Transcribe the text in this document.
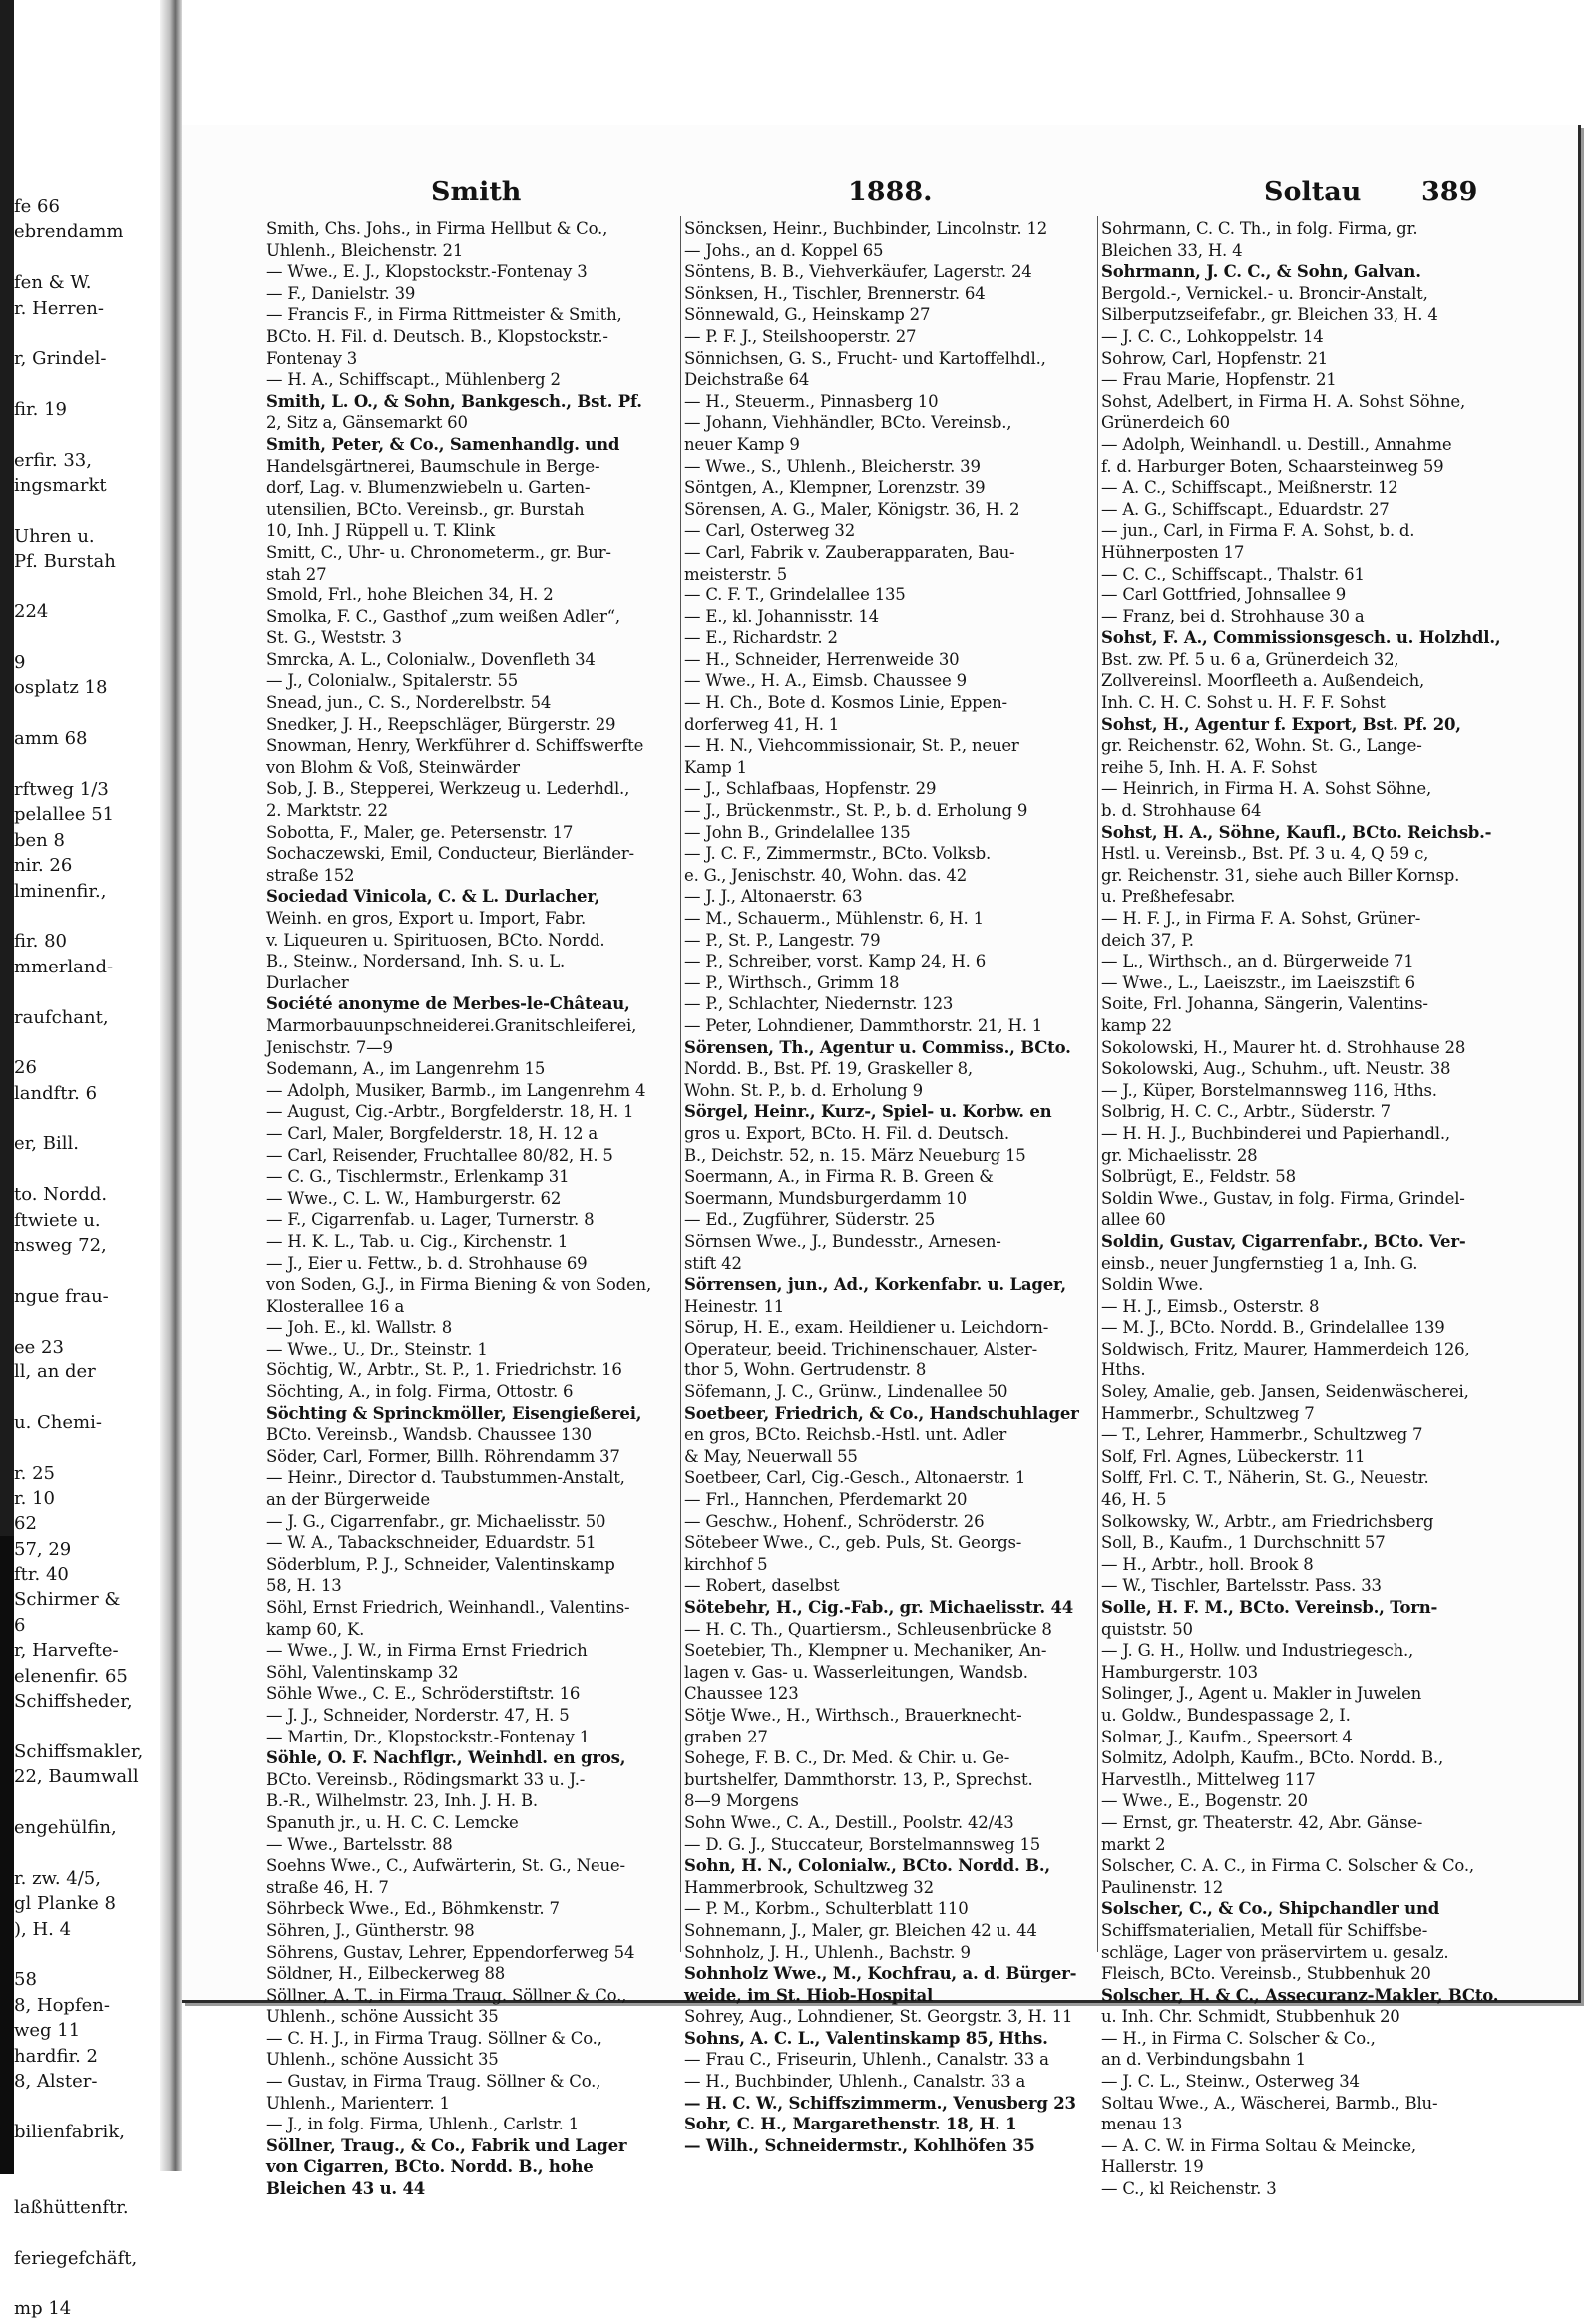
fe 66
ebrendamm
fen & W.
r. Herren-
r, Grindel-
fir. 19
erfir. 33,
ingsmarkt
Uhren u.
Pf. Burstah
224
9
osplatz 18
amm 68
rftweg 1/3
pelallee 51
ben 8
nir. 26
lminenfir.,
fir. 80
mmerland-
raufchant,
26
landftr. 6
er, Bill.
to. Nordd.
ftwiete u.
nsweg 72,
ngue frau-
ee 23
ll, an der
u. Chemi-
r. 25
r. 10
62
57, 29
ftr. 40
Schirmer &
6
r, Harvefte-
elenenfir. 65
Schiffsheder,
Schiffsmakler,
22, Baumwall
engehülfin,
r. zw. 4/5,
gl Planke 8
), H. 4
58
8, Hopfen-
weg 11
hardfir. 2
8, Alster-
bilienfabrik,
laßhüttenftr.
feriegefchäft,
mp 14
Smith	1888.	Soltau 389
Smith, Chs. Johs., in Firma Hellbut & Co.,
Uhlenh., Bleichenstr. 21
— Wwe., E. J., Klopstockstr.-Fontenay 3
— F., Danielstr. 39
— Francis F., in Firma Rittmeister & Smith,
BCto. H. Fil. d. Deutsch. B., Klopstockstr.-
Fontenay 3
— H. A., Schiffscapt., Mühlenberg 2
Smith, L. O., & Sohn, Bankgesch., Bst. Pf.
2, Sitz a, Gänsemarkt 60
Smith, Peter, & Co., Samenhandlg. und
Handelsgärtnerei, Baumschule in Berge-
dorf, Lag. v. Blumenzwiebeln u. Garten-
utensilien, BCto. Vereinsb., gr. Burstah
10, Inh. J Rüppell u. T. Klink
Smitt, C., Uhr- u. Chronometerm., gr. Bur-
stah 27
Smold, Frl., hohe Bleichen 34, H. 2
Smolka, F. C., Gasthof „zum weißen Adler“,
St. G., Weststr. 3
Smrcka, A. L., Colonialw., Dovenfleth 34
— J., Colonialw., Spitalerstr. 55
Snead, jun., C. S., Norderelbstr. 54
Snedker, J. H., Reepschläger, Bürgerstr. 29
Snowman, Henry, Werkführer d. Schiffswerfte
von Blohm & Voß, Steinwärder
Sob, J. B., Stepperei, Werkzeug u. Lederhdl.,
2. Marktstr. 22
Sobotta, F., Maler, ge. Petersenstr. 17
Sochaczewski, Emil, Conducteur, Bierländer-
straße 152
Sociedad Vinicola, C. & L. Durlacher,
Weinh. en gros, Export u. Import, Fabr.
v. Liqueuren u. Spirituosen, BCto. Nordd.
B., Steinw., Nordersand, Inh. S. u. L.
Durlacher
Société anonyme de Merbes-le-Château,
Marmorbauunpschneiderei.Granitschleiferei,
Jenischstr. 7—9
Sodemann, A., im Langenrehm 15
— Adolph, Musiker, Barmb., im Langenrehm 4
— August, Cig.-Arbtr., Borgfelderstr. 18, H. 1
— Carl, Maler, Borgfelderstr. 18, H. 12 a
— Carl, Reisender, Fruchtallee 80/82, H. 5
— C. G., Tischlermstr., Erlenkamp 31
— Wwe., C. L. W., Hamburgerstr. 62
— F., Cigarrenfab. u. Lager, Turnerstr. 8
— H. K. L., Tab. u. Cig., Kirchenstr. 1
— J., Eier u. Fettw., b. d. Strohhause 69
von Soden, G.J., in Firma Biening & von Soden,
Klosterallee 16 a
— Joh. E., kl. Wallstr. 8
— Wwe., U., Dr., Steinstr. 1
Söchtig, W., Arbtr., St. P., 1. Friedrichstr. 16
Söchting, A., in folg. Firma, Ottostr. 6
Söchting & Sprinckmöller, Eisengießerei,
BCto. Vereinsb., Wandsb. Chaussee 130
Söder, Carl, Former, Billh. Röhrendamm 37
— Heinr., Director d. Taubstummen-Anstalt,
an der Bürgerweide
— J. G., Cigarrenfabr., gr. Michaelisstr. 50
— W. A., Tabackschneider, Eduardstr. 51
Söderblum, P. J., Schneider, Valentinskamp
58, H. 13
Söhl, Ernst Friedrich, Weinhandl., Valentins-
kamp 60, K.
— Wwe., J. W., in Firma Ernst Friedrich
Söhl, Valentinskamp 32
Söhle Wwe., C. E., Schröderstiftstr. 16
— J. J., Schneider, Norderstr. 47, H. 5
— Martin, Dr., Klopstockstr.-Fontenay 1
Söhle, O. F. Nachflgr., Weinhdl. en gros,
BCto. Vereinsb., Rödingsmarkt 33 u. J.-
B.-R., Wilhelmstr. 23, Inh. J. H. B.
Spanuth jr., u. H. C. C. Lemcke
— Wwe., Bartelsstr. 88
Soehns Wwe., C., Aufwärterin, St. G., Neue-
straße 46, H. 7
Söhrbeck Wwe., Ed., Böhmkenstr. 7
Söhren, J., Güntherstr. 98
Söhrens, Gustav, Lehrer, Eppendorferweg 54
Söldner, H., Eilbeckerweg 88
Söllner, A. T., in Firma Traug. Söllner & Co.,
Uhlenh., schöne Aussicht 35
— C. H. J., in Firma Traug. Söllner & Co.,
Uhlenh., schöne Aussicht 35
— Gustav, in Firma Traug. Söllner & Co.,
Uhlenh., Marienterr. 1
— J., in folg. Firma, Uhlenh., Carlstr. 1
Söllner, Traug., & Co., Fabrik und Lager
von Cigarren, BCto. Nordd. B., hohe
Bleichen 43 u. 44
Söncksen, Heinr., Buchbinder, Lincolnstr. 12
— Johs., an d. Koppel 65
Söntens, B. B., Viehverkäufer, Lagerstr. 24
Sönksen, H., Tischler, Brennerstr. 64
Sönnewald, G., Heinskamp 27
— P. F. J., Steilshooperstr. 27
Sönnichsen, G. S., Frucht- und Kartoffelhdl.,
Deichstraße 64
— H., Steuerm., Pinnasberg 10
— Johann, Viehhändler, BCto. Vereinsb.,
neuer Kamp 9
— Wwe., S., Uhlenh., Bleicherstr. 39
Söntgen, A., Klempner, Lorenzstr. 39
Sörensen, A. G., Maler, Königstr. 36, H. 2
— Carl, Osterweg 32
— Carl, Fabrik v. Zauberapparaten, Bau-
meisterstr. 5
— C. F. T., Grindelallee 135
— E., kl. Johannisstr. 14
— E., Richardstr. 2
— H., Schneider, Herrenweide 30
— Wwe., H. A., Eimsb. Chaussee 9
— H. Ch., Bote d. Kosmos Linie, Eppen-
dorferweg 41, H. 1
— H. N., Viehcommissionair, St. P., neuer
Kamp 1
— J., Schlafbaas, Hopfenstr. 29
— J., Brückenmstr., St. P., b. d. Erholung 9
— John B., Grindelallee 135
— J. C. F., Zimmermstr., BCto. Volksb.
e. G., Jenischstr. 40, Wohn. das. 42
— J. J., Altonaerstr. 63
— M., Schauerm., Mühlenstr. 6, H. 1
— P., St. P., Langestr. 79
— P., Schreiber, vorst. Kamp 24, H. 6
— P., Wirthsch., Grimm 18
— P., Schlachter, Niedernstr. 123
— Peter, Lohndiener, Dammthorstr. 21, H. 1
Sörensen, Th., Agentur u. Commiss., BCto.
Nordd. B., Bst. Pf. 19, Graskeller 8,
Wohn. St. P., b. d. Erholung 9
Sörgel, Heinr., Kurz-, Spiel- u. Korbw. en
gros u. Export, BCto. H. Fil. d. Deutsch.
B., Deichstr. 52, n. 15. März Neueburg 15
Soermann, A., in Firma R. B. Green &
Soermann, Mundsburgerdamm 10
— Ed., Zugführer, Süderstr. 25
Sörnsen Wwe., J., Bundesstr., Arnesen-
stift 42
Sörrensen, jun., Ad., Korkenfabr. u. Lager,
Heinestr. 11
Sörup, H. E., exam. Heildiener u. Leichdorn-
Operateur, beeid. Trichinenschauer, Alster-
thor 5, Wohn. Gertrudenstr. 8
Söfemann, J. C., Grünw., Lindenallee 50
Soetbeer, Friedrich, & Co., Handschuhlager
en gros, BCto. Reichsb.-Hstl. unt. Adler
& May, Neuerwall 55
Soetbeer, Carl, Cig.-Gesch., Altonaerstr. 1
— Frl., Hannchen, Pferdemarkt 20
— Geschw., Hohenf., Schröderstr. 26
Sötebeer Wwe., C., geb. Puls, St. Georgs-
kirchhof 5
— Robert, daselbst
Sötebehr, H., Cig.-Fab., gr. Michaelisstr. 44
— H. C. Th., Quartiersm., Schleusenbrücke 8
Soetebier, Th., Klempner u. Mechaniker, An-
lagen v. Gas- u. Wasserleitungen, Wandsb.
Chaussee 123
Sötje Wwe., H., Wirthsch., Brauerknecht-
graben 27
Sohege, F. B. C., Dr. Med. & Chir. u. Ge-
burtshelfer, Dammthorstr. 13, P., Sprechst.
8—9 Morgens
Sohn Wwe., C. A., Destill., Poolstr. 42/43
— D. G. J., Stuccateur, Borstelmannsweg 15
Sohn, H. N., Colonialw., BCto. Nordd. B.,
Hammerbrook, Schultzweg 32
— P. M., Korbm., Schulterblatt 110
Sohnemann, J., Maler, gr. Bleichen 42 u. 44
Sohnholz, J. H., Uhlenh., Bachstr. 9
Sohnholz Wwe., M., Kochfrau, a. d. Bürger-
weide, im St. Hiob-Hospital
Sohrey, Aug., Lohndiener, St. Georgstr. 3, H. 11
Sohns, A. C. L., Valentinskamp 85, Hths.
— Frau C., Friseurin, Uhlenh., Canalstr. 33 a
— H., Buchbinder, Uhlenh., Canalstr. 33 a
— H. C. W., Schiffszimmerm., Venusberg 23
Sohr, C. H., Margarethenstr. 18, H. 1
— Wilh., Schneidermstr., Kohlhöfen 35
Sohrmann, C. C. Th., in folg. Firma, gr.
Bleichen 33, H. 4
Sohrmann, J. C. C., & Sohn, Galvan.
Bergold.-, Vernickel.- u. Broncir-Anstalt,
Silberputzseifefabr., gr. Bleichen 33, H. 4
— J. C. C., Lohkoppelstr. 14
Sohrow, Carl, Hopfenstr. 21
— Frau Marie, Hopfenstr. 21
Sohst, Adelbert, in Firma H. A. Sohst Söhne,
Grünerdeich 60
— Adolph, Weinhandl. u. Destill., Annahme
f. d. Harburger Boten, Schaarsteinweg 59
— A. C., Schiffscapt., Meißnerstr. 12
— A. G., Schiffscapt., Eduardstr. 27
— jun., Carl, in Firma F. A. Sohst, b. d.
Hühnerposten 17
— C. C., Schiffscapt., Thalstr. 61
— Carl Gottfried, Johnsallee 9
— Franz, bei d. Strohhause 30 a
Sohst, F. A., Commissionsgesch. u. Holzhdl.,
Bst. zw. Pf. 5 u. 6 a, Grünerdeich 32,
Zollvereinsl. Moorfleeth a. Außendeich,
Inh. C. H. C. Sohst u. H. F. F. Sohst
Sohst, H., Agentur f. Export, Bst. Pf. 20,
gr. Reichenstr. 62, Wohn. St. G., Lange-
reihe 5, Inh. H. A. F. Sohst
— Heinrich, in Firma H. A. Sohst Söhne,
b. d. Strohhause 64
Sohst, H. A., Söhne, Kaufl., BCto. Reichsb.-
Hstl. u. Vereinsb., Bst. Pf. 3 u. 4, Q 59 c,
gr. Reichenstr. 31, siehe auch Biller Kornsp.
u. Preßhefesabr.
— H. F. J., in Firma F. A. Sohst, Grüner-
deich 37, P.
— L., Wirthsch., an d. Bürgerweide 71
— Wwe., L., Laeiszstr., im Laeiszstift 6
Soite, Frl. Johanna, Sängerin, Valentins-
kamp 22
Sokolowski, H., Maurer ht. d. Strohhause 28
Sokolowski, Aug., Schuhm., uft. Neustr. 38
— J., Küper, Borstelmannsweg 116, Hths.
Solbrig, H. C. C., Arbtr., Süderstr. 7
— H. H. J., Buchbinderei und Papierhandl.,
gr. Michaelisstr. 28
Solbrügt, E., Feldstr. 58
Soldin Wwe., Gustav, in folg. Firma, Grindel-
allee 60
Soldin, Gustav, Cigarrenfabr., BCto. Ver-
einsb., neuer Jungfernstieg 1 a, Inh. G.
Soldin Wwe.
— H. J., Eimsb., Osterstr. 8
— M. J., BCto. Nordd. B., Grindelallee 139
Soldwisch, Fritz, Maurer, Hammerdeich 126,
Hths.
Soley, Amalie, geb. Jansen, Seidenwäscherei,
Hammerbr., Schultzweg 7
— T., Lehrer, Hammerbr., Schultzweg 7
Solf, Frl. Agnes, Lübeckerstr. 11
Solff, Frl. C. T., Näherin, St. G., Neuestr.
46, H. 5
Solkowsky, W., Arbtr., am Friedrichsberg
Soll, B., Kaufm., 1 Durchschnitt 57
— H., Arbtr., holl. Brook 8
— W., Tischler, Bartelsstr. Pass. 33
Solle, H. F. M., BCto. Vereinsb., Torn-
quiststr. 50
— J. G. H., Hollw. und Industriegesch.,
Hamburgerstr. 103
Solinger, J., Agent u. Makler in Juwelen
u. Goldw., Bundespassage 2, I.
Solmar, J., Kaufm., Speersort 4
Solmitz, Adolph, Kaufm., BCto. Nordd. B.,
Harvestlh., Mittelweg 117
— Wwe., E., Bogenstr. 20
— Ernst, gr. Theaterstr. 42, Abr. Gänse-
markt 2
Solscher, C. A. C., in Firma C. Solscher & Co.,
Paulinenstr. 12
Solscher, C., & Co., Shipchandler und
Schiffsmaterialien, Metall für Schiffsbe-
schläge, Lager von präservirtem u. gesalz.
Fleisch, BCto. Vereinsb., Stubbenhuk 20
Solscher, H. & C., Assecuranz-Makler, BCto.
u. Inh. Chr. Schmidt, Stubbenhuk 20
— H., in Firma C. Solscher & Co.,
an d. Verbindungsbahn 1
— J. C. L., Steinw., Osterweg 34
Soltau Wwe., A., Wäscherei, Barmb., Blu-
menau 13
— A. C. W. in Firma Soltau & Meincke,
Hallerstr. 19
— C., kl Reichenstr. 3
